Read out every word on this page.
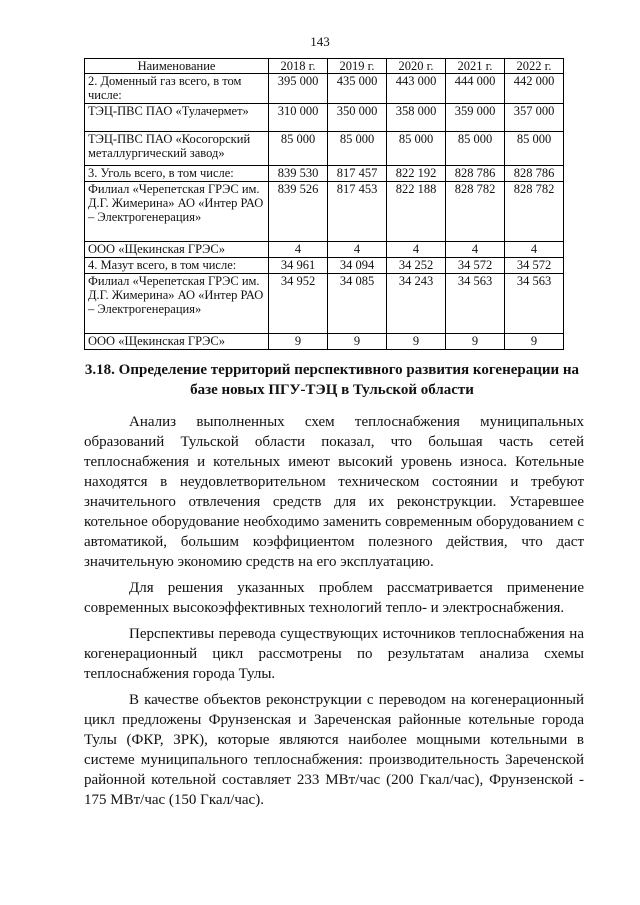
143
Наименование	2018 г.	2019 г.	2020 г.	2021 г.	2022 г.
2. Доменный газ всего, в том числе:	395 000	435 000	443 000	444 000	442 000
ТЭЦ-ПВС ПАО «Тулачермет»	310 000	350 000	358 000	359 000	357 000
ТЭЦ-ПВС ПАО «Косогорский металлургический завод»	85 000	85 000	85 000	85 000	85 000
3. Уголь всего, в том числе:	839 530	817 457	822 192	828 786	828 786
Филиал «Черепетская ГРЭС им. Д.Г. Жимерина» АО «Интер РАО – Электрогенерация»	839 526	817 453	822 188	828 782	828 782
ООО «Щекинская ГРЭС»	4	4	4	4	4
4. Мазут всего, в том числе:	34 961	34 094	34 252	34 572	34 572
Филиал «Черепетская ГРЭС им. Д.Г. Жимерина» АО «Интер РАО – Электрогенерация»	34 952	34 085	34 243	34 563	34 563
ООО «Щекинская ГРЭС»	9	9	9	9	9
3.18. Определение территорий перспективного развития когенерации на базе новых ПГУ-ТЭЦ в Тульской области

Анализ выполненных схем теплоснабжения муниципальных образований Тульской области показал, что большая часть сетей теплоснабжения и котельных имеют высокий уровень износа. Котельные находятся в неудовлетворительном техническом состоянии и требуют значительного отвлечения средств для их реконструкции. Устаревшее котельное оборудование необходимо заменить современным оборудованием с автоматикой, большим коэффициентом полезного действия, что даст значительную экономию средств на его эксплуатацию.

Для решения указанных проблем рассматривается применение современных высокоэффективных технологий тепло- и электроснабжения.

Перспективы перевода существующих источников теплоснабжения на когенерационный цикл рассмотрены по результатам анализа схемы теплоснабжения города Тулы.

В качестве объектов реконструкции с переводом на когенерационный цикл предложены Фрунзенская и Зареченская районные котельные города Тулы (ФКР, ЗРК), которые являются наиболее мощными котельными в системе муниципального теплоснабжения: производительность Зареченской районной котельной составляет 233 МВт/час (200 Гкал/час), Фрунзенской - 175 МВт/час (150 Гкал/час).
